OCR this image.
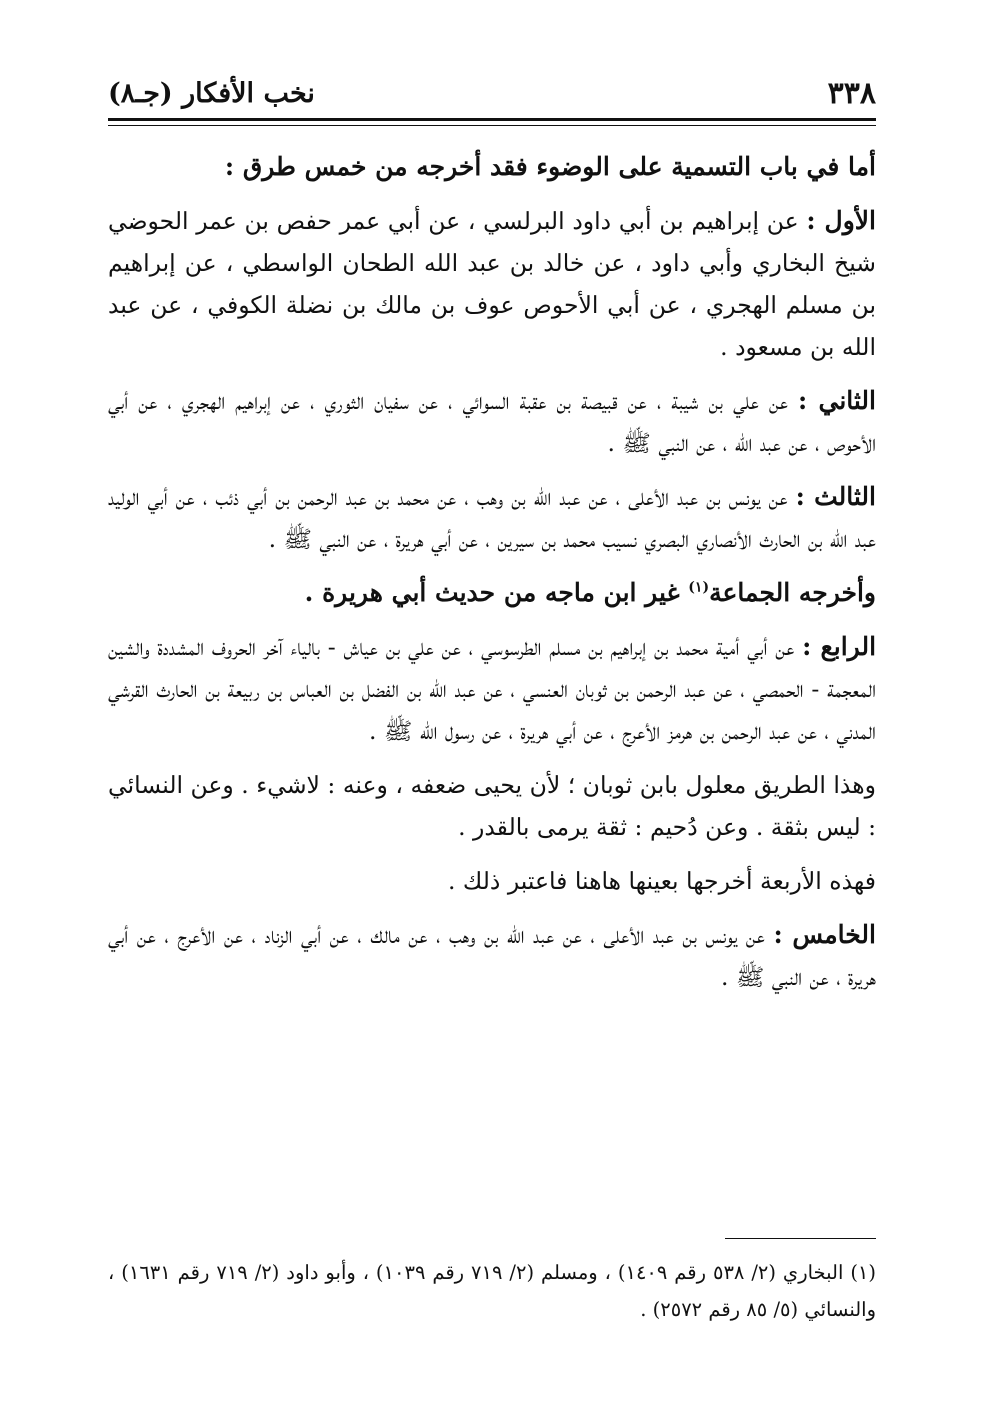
٣٣٨
نخب الأفكار (جـ٨)

أما في باب التسمية على الوضوء فقد أخرجه من خمس طرق :

الأول : عن إبراهيم بن أبي داود البرلسي ، عن أبي عمر حفص بن عمر الحوضي شيخ البخاري وأبي داود ، عن خالد بن عبد الله الطحان الواسطي ، عن إبراهيم بن مسلم الهجري ، عن أبي الأحوص عوف بن مالك بن نضلة الكوفي ، عن عبد الله بن مسعود .

الثاني : عن علي بن شيبة ، عن قبيصة بن عقبة السوائي ، عن سفيان الثوري ، عن إبراهيم الهجري ، عن أبي الأحوص ، عن عبد الله ، عن النبي ﷺ .

الثالث : عن يونس بن عبد الأعلى ، عن عبد الله بن وهب ، عن محمد بن عبد الرحمن بن أبي ذئب ، عن أبي الوليد عبد الله بن الحارث الأنصاري البصري نسيب محمد بن سيرين ، عن أبي هريرة ، عن النبي ﷺ .

وأخرجه الجماعة$^{(١)}$ غير ابن ماجه من حديث أبي هريرة .

الرابع : عن أبي أمية محمد بن إبراهيم بن مسلم الطرسوسي ، عن علي بن عياش - بالياء آخر الحروف المشددة والشين المعجمة - الحمصي ، عن عبد الرحمن بن ثوبان العنسي ، عن عبد الله بن الفضل بن العباس بن ربيعة بن الحارث القرشي المدني ، عن عبد الرحمن بن هرمز الأعرج ، عن أبي هريرة ، عن رسول الله ﷺ .

وهذا الطريق معلول بابن ثوبان ؛ لأن يحيى ضعفه ، وعنه : لاشيء . وعن النسائي : ليس بثقة . وعن دُحيم : ثقة يرمى بالقدر .

فهذه الأربعة أخرجها بعينها هاهنا فاعتبر ذلك .

الخامس : عن يونس بن عبد الأعلى ، عن عبد الله بن وهب ، عن مالك ، عن أبي الزناد ، عن الأعرج ، عن أبي هريرة ، عن النبي ﷺ .

(١) البخاري (٢/ ٥٣٨ رقم ١٤٠٩) ، ومسلم (٢/ ٧١٩ رقم ١٠٣٩) ، وأبو داود (٢/ ٧١٩ رقم ١٦٣١) ، والنسائي (٥/ ٨٥ رقم ٢٥٧٢) .
